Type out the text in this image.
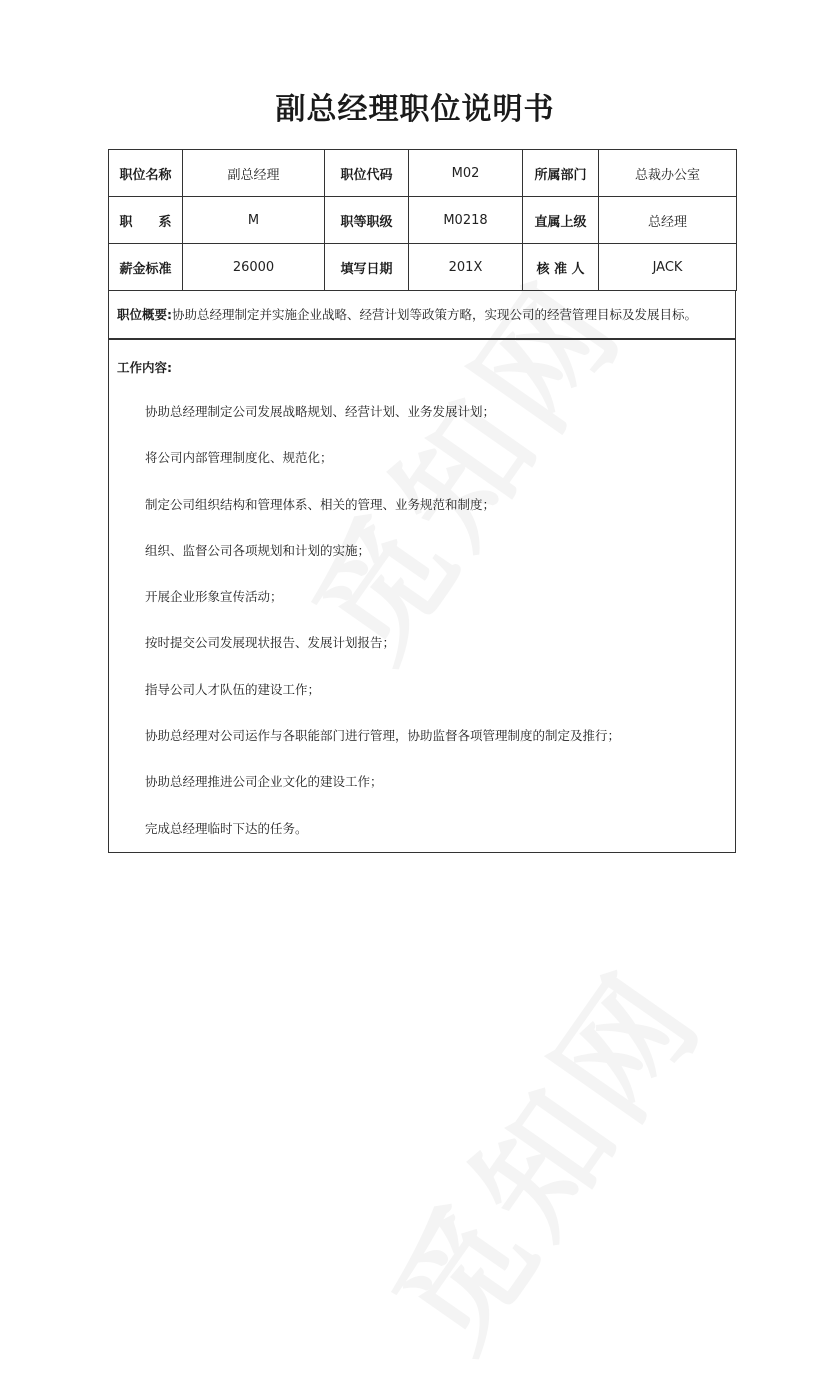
副总经理职位说明书
职位名称	副总经理	职位代码	M02	所属部门	总裁办公室
职　　系	M	职等职级	M0218	直属上级	总经理
薪金标准	26000	填写日期	201X	核 准 人	JACK
职位概要: 协助总经理制定并实施企业战略、经营计划等政策方略，实现公司的经营管理目标及发展目标。
工作内容:
协助总经理制定公司发展战略规划、经营计划、业务发展计划；
将公司内部管理制度化、规范化；
制定公司组织结构和管理体系、相关的管理、业务规范和制度；
组织、监督公司各项规划和计划的实施；
开展企业形象宣传活动；
按时提交公司发展现状报告、发展计划报告；
指导公司人才队伍的建设工作；
协助总经理对公司运作与各职能部门进行管理，协助监督各项管理制度的制定及推行；
协助总经理推进公司企业文化的建设工作；
完成总经理临时下达的任务。
